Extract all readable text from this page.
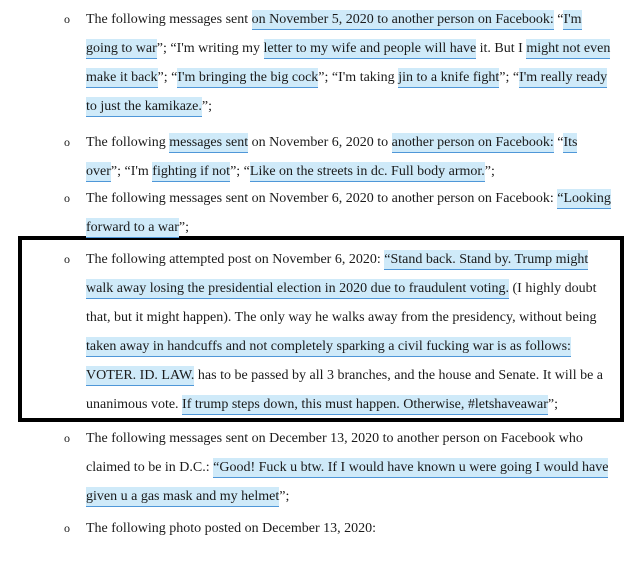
o The following messages sent on November 5, 2020 to another person on Facebook: “I'm
going to war”; “I'm writing my letter to my wife and people will have it. But I might not even
make it back”; “I'm bringing the big cock”; “I'm taking jin to a knife fight”; “I'm really ready
to just the kamikaze.”;
o The following messages sent on November 6, 2020 to another person on Facebook: “Its
over”; “I'm fighting if not”; “Like on the streets in dc. Full body armor.”;
o The following messages sent on November 6, 2020 to another person on Facebook: “Looking
forward to a war”;
o The following attempted post on November 6, 2020: “Stand back. Stand by. Trump might
walk away losing the presidential election in 2020 due to fraudulent voting. (I highly doubt
that, but it might happen). The only way he walks away from the presidency, without being
taken away in handcuffs and not completely sparking a civil fucking war is as follows:
VOTER. ID. LAW. has to be passed by all 3 branches, and the house and Senate. It will be a
unanimous vote. If trump steps down, this must happen. Otherwise, #letshaveawar”;
o The following messages sent on December 13, 2020 to another person on Facebook who
claimed to be in D.C.: “Good! Fuck u btw. If I would have known u were going I would have
given u a gas mask and my helmet”;
o The following photo posted on December 13, 2020:
